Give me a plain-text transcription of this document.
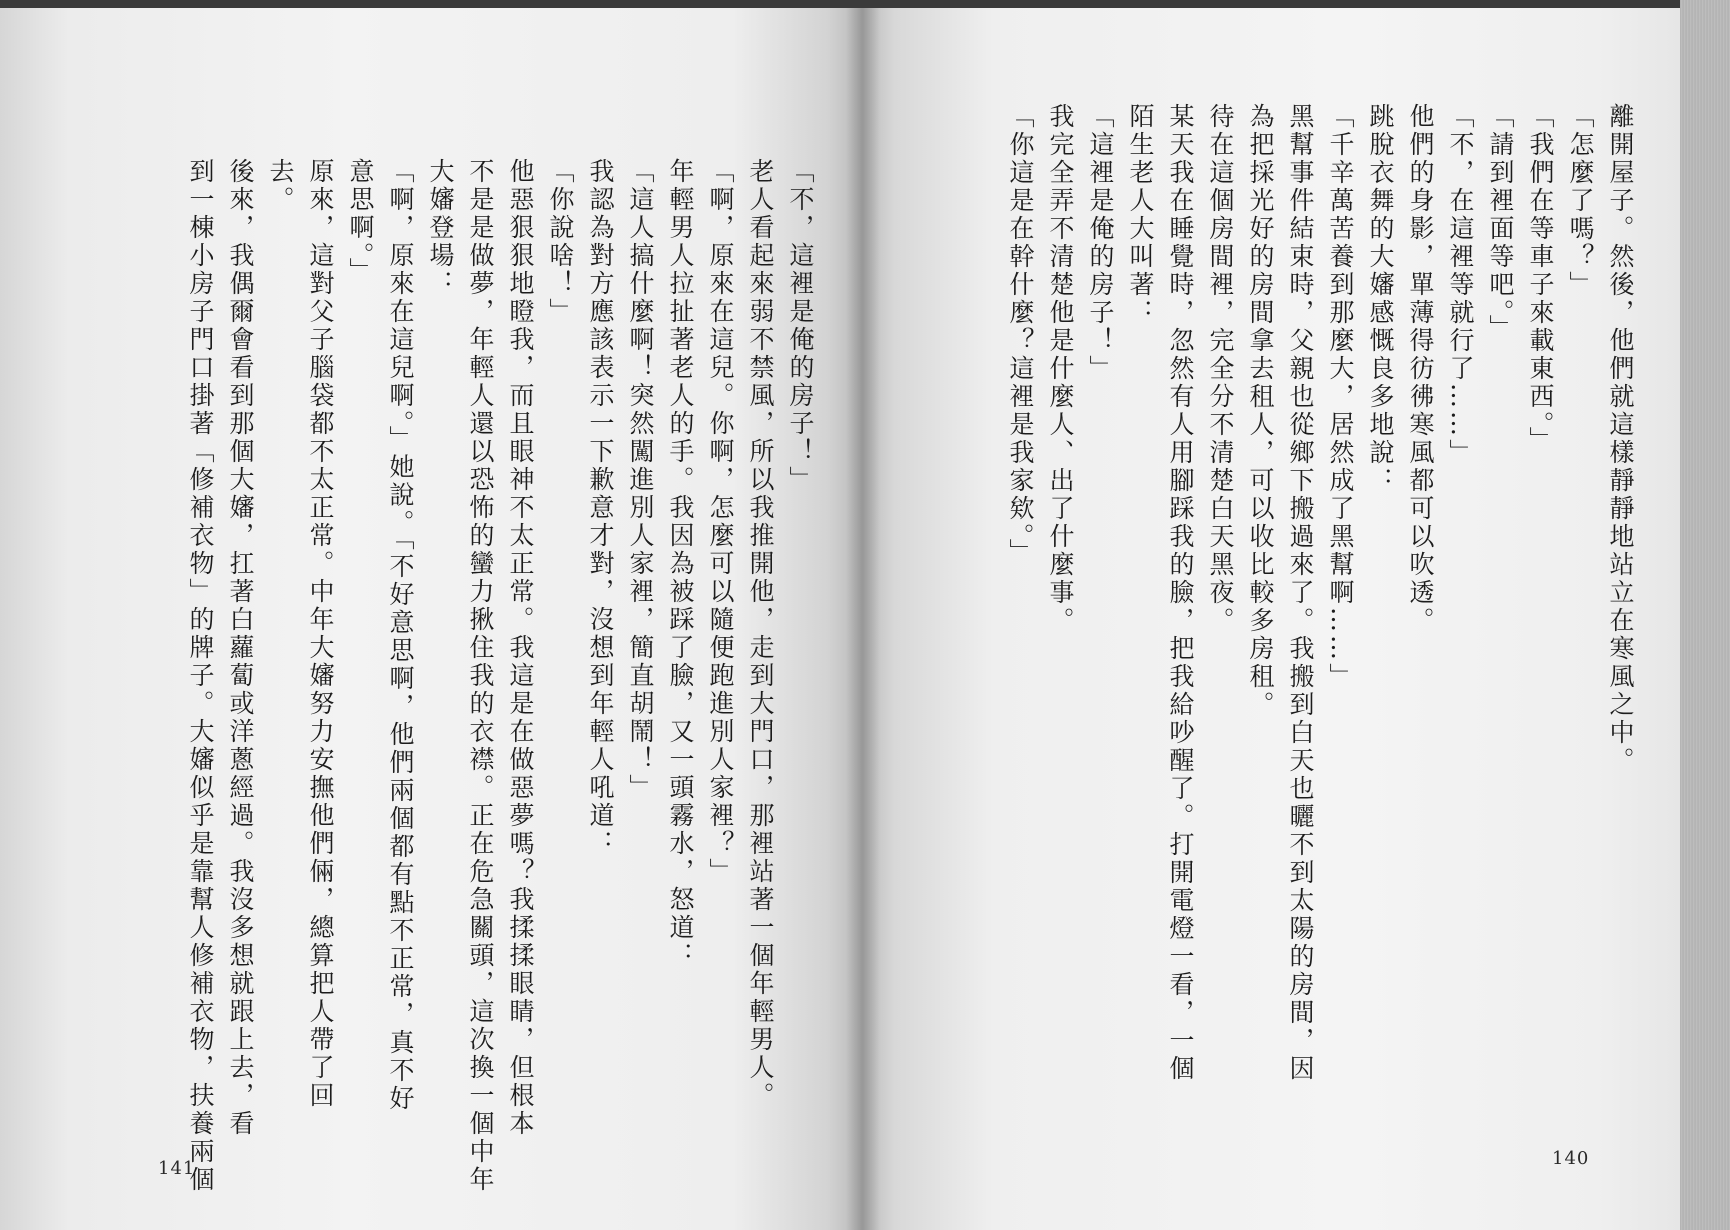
「不，這裡是俺的房子！」

老人看起來弱不禁風，所以我推開他，走到大門口，那裡站著一個年輕男人。

「啊，原來在這兒。你啊，怎麼可以隨便跑進別人家裡？」

年輕男人拉扯著老人的手。我因為被踩了臉，又一頭霧水，怒道：

「這人搞什麼啊！突然闖進別人家裡，簡直胡鬧！」

我認為對方應該表示一下歉意才對，沒想到年輕人吼道：

「你說啥！」

他惡狠狠地瞪我，而且眼神不太正常。我這是在做惡夢嗎？我揉揉眼睛，但根本

不是是做夢，年輕人還以恐怖的蠻力揪住我的衣襟。正在危急關頭，這次換一個中年

大嬸登場：

「啊，原來在這兒啊。」她說。「不好意思啊，他們兩個都有點不正常，真不好

意思啊。」

原來，這對父子腦袋都不太正常。中年大嬸努力安撫他們倆，總算把人帶了回

去。

後來，我偶爾會看到那個大嬸，扛著白蘿蔔或洋蔥經過。我沒多想就跟上去，看

到一棟小房子門口掛著「修補衣物」的牌子。大嬸似乎是靠幫人修補衣物，扶養兩個

141

離開屋子。然後，他們就這樣靜靜地站立在寒風之中。

「怎麼了嗎？」

「我們在等車子來載東西。」

「請到裡面等吧。」

「不，在這裡等就行了……」

他們的身影，單薄得彷彿寒風都可以吹透。

跳脫衣舞的大嬸感慨良多地說：

「千辛萬苦養到那麼大，居然成了黑幫啊……」

黑幫事件結束時，父親也從鄉下搬過來了。我搬到白天也曬不到太陽的房間，因

為把採光好的房間拿去租人，可以收比較多房租。

待在這個房間裡，完全分不清楚白天黑夜。

某天我在睡覺時，忽然有人用腳踩我的臉，把我給吵醒了。打開電燈一看，一個

陌生老人大叫著：

「這裡是俺的房子！」

我完全弄不清楚他是什麼人、出了什麼事。

「你這是在幹什麼？這裡是我家欸。」

140
